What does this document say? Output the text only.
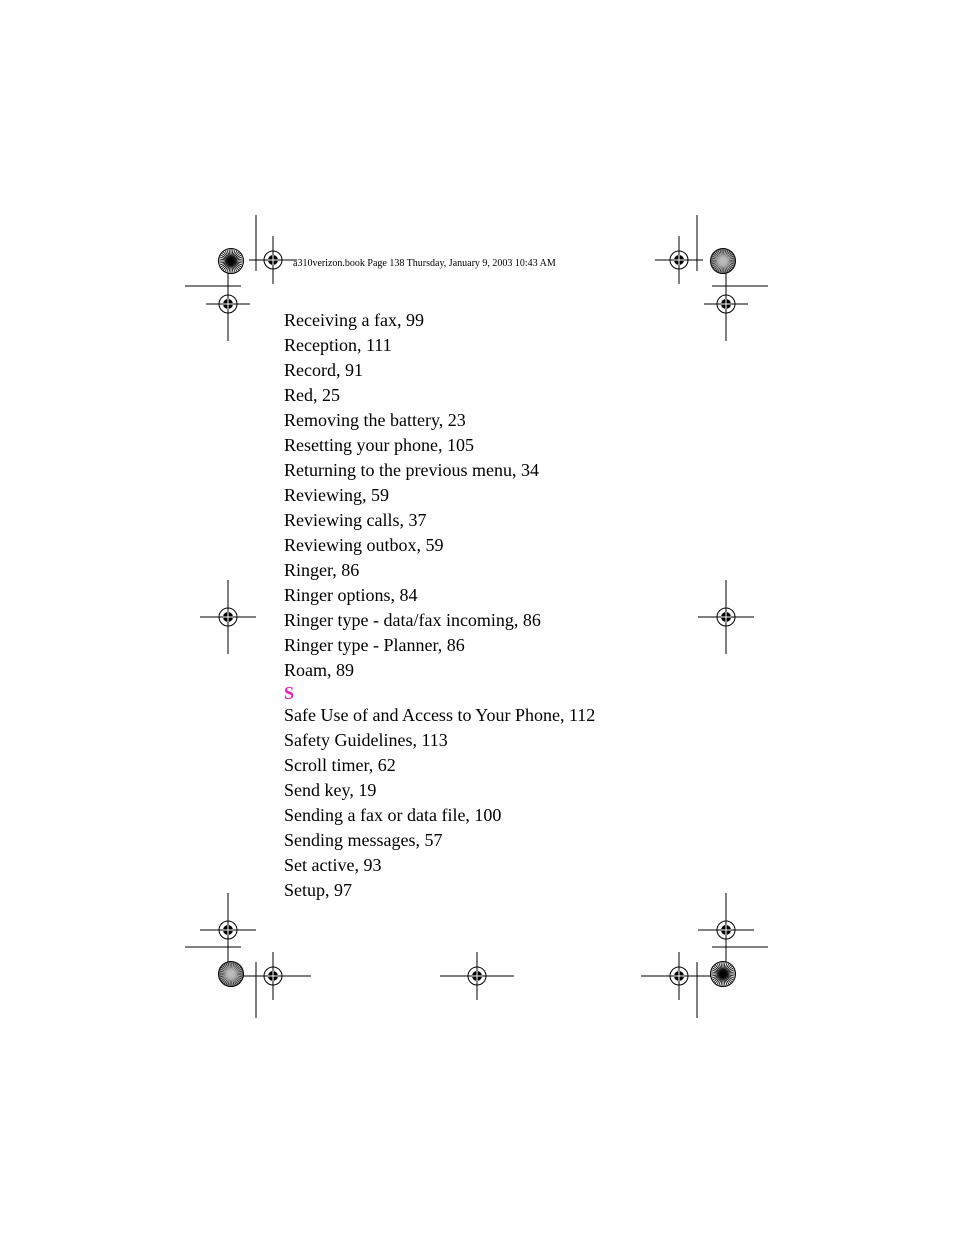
a310verizon.book Page 138 Thursday, January 9, 2003 10:43 AM
Receiving a fax, 99
Reception, 111
Record, 91
Red, 25
Removing the battery, 23
Resetting your phone, 105
Returning to the previous menu, 34
Reviewing, 59
Reviewing calls, 37
Reviewing outbox, 59
Ringer, 86
Ringer options, 84
Ringer type - data/fax incoming, 86
Ringer type - Planner, 86
Roam, 89
S
Safe Use of and Access to Your Phone, 112
Safety Guidelines, 113
Scroll timer, 62
Send key, 19
Sending a fax or data file, 100
Sending messages, 57
Set active, 93
Setup, 97
